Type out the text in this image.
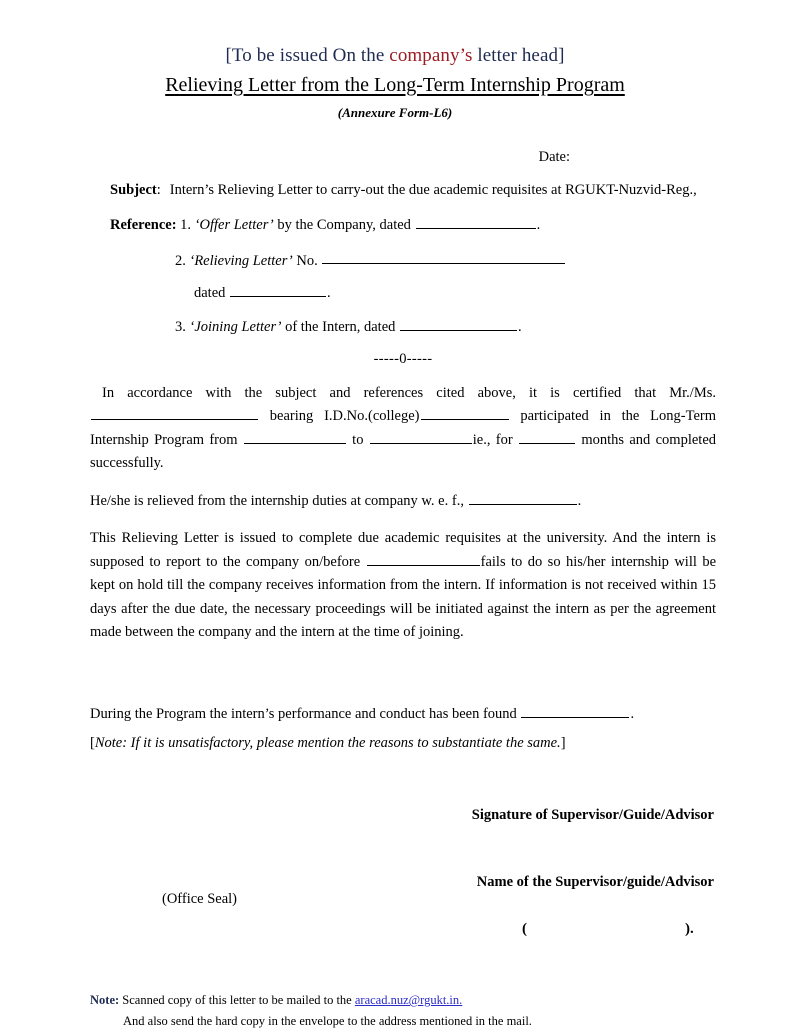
[To be issued On the company’s letter head]
Relieving Letter from the Long-Term Internship Program
(Annexure Form-L6)
Date:
Subject: Intern’s Relieving Letter to carry-out the due academic requisites at RGUKT-Nuzvid-Reg.,
Reference: 1. ‘Offer Letter’ by the Company, dated	.
2. ‘Relieving Letter’ No.
dated	.
3. ‘Joining Letter’ of the Intern, dated	.
-----0-----
In accordance with the subject and references cited above, it is certified that Mr./Ms. bearing I.D.No.(college)	participated in the Long-Term Internship Program from	to	ie., for	months and completed successfully.
He/she is relieved from the internship duties at company w. e. f.,	.
This Relieving Letter is issued to complete due academic requisites at the university. And the intern is supposed to report to the company on/before	fails to do so his/her internship will be kept on hold till the company receives information from the intern. If information is not received within 15 days after the due date, the necessary proceedings will be initiated against the intern as per the agreement made between the company and the intern at the time of joining.
During the Program the intern’s performance and conduct has been found	.
[Note: If it is unsatisfactory, please mention the reasons to substantiate the same.]
Signature of Supervisor/Guide/Advisor
Name of the Supervisor/guide/Advisor
(Office Seal)
(	).
Note: Scanned copy of this letter to be mailed to the aracad.nuz@rgukt.in.
And also send the hard copy in the envelope to the address mentioned in the mail.
